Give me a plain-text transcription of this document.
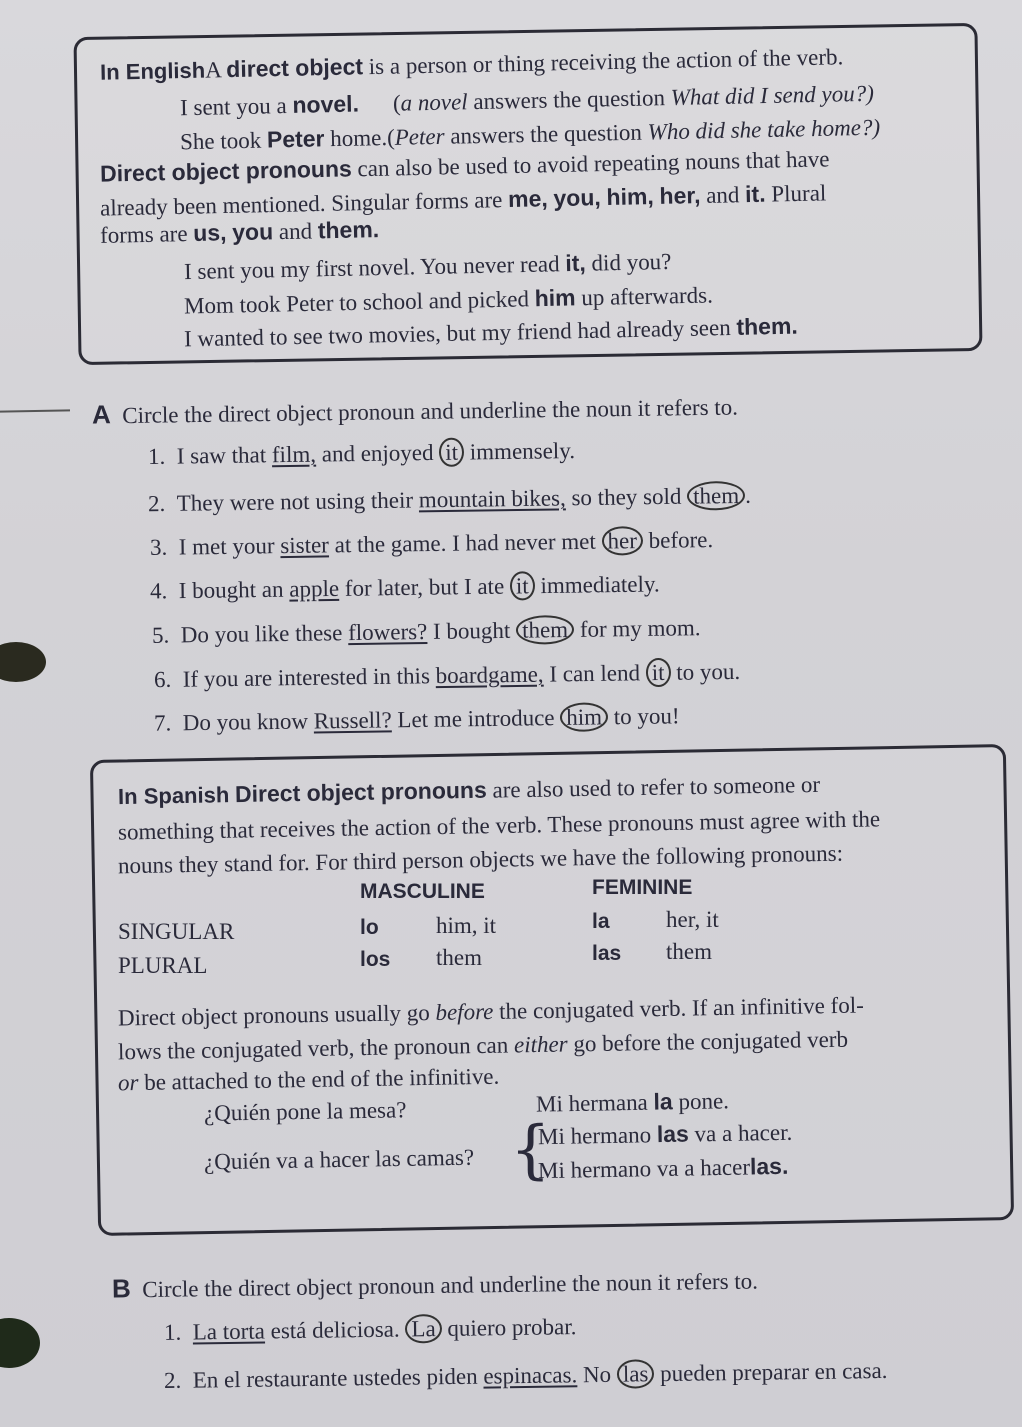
In EnglishA direct object is a person or thing receiving the action of the verb.
I sent you a novel. (a novel answers the question What did I send you?)
She took Peter home.(Peter answers the question Who did she take home?)
Direct object pronouns can also be used to avoid repeating nouns that have
already been mentioned. Singular forms are me, you, him, her, and it. Plural
forms are us, you and them.
I sent you my first novel. You never read it, did you?
Mom took Peter to school and picked him up afterwards.
I wanted to see two movies, but my friend had already seen them.
A Circle the direct object pronoun and underline the noun it refers to.
1. I saw that film, and enjoyed it immensely.
2. They were not using their mountain bikes, so they sold them .
3. I met your sister at the game. I had never met her before.
4. I bought an apple for later, but I ate it immediately.
5. Do you like these flowers? I bought them for my mom.
6. If you are interested in this boardgame, I can lend it to you.
7. Do you know Russell? Let me introduce him to you!
In Spanish Direct object pronouns are also used to refer to someone or
something that receives the action of the verb. These pronouns must agree with the
nouns they stand for. For third person objects we have the following pronouns:
MASCULINE	FEMININE
SINGULAR	lo him, it	la her, it
PLURAL	los them	las them
Direct object pronouns usually go before the conjugated verb. If an infinitive fol-
lows the conjugated verb, the pronoun can either go before the conjugated verb
or be attached to the end of the infinitive.
¿Quién pone la mesa?	Mi hermana la pone.
¿Quién va a hacer las camas? {
Mi hermano las va a hacer.
Mi hermano va a hacerlas.
B Circle the direct object pronoun and underline the noun it refers to.
1. La torta está deliciosa. La quiero probar.
2. En el restaurante ustedes piden espinacas. No las pueden preparar en casa.
